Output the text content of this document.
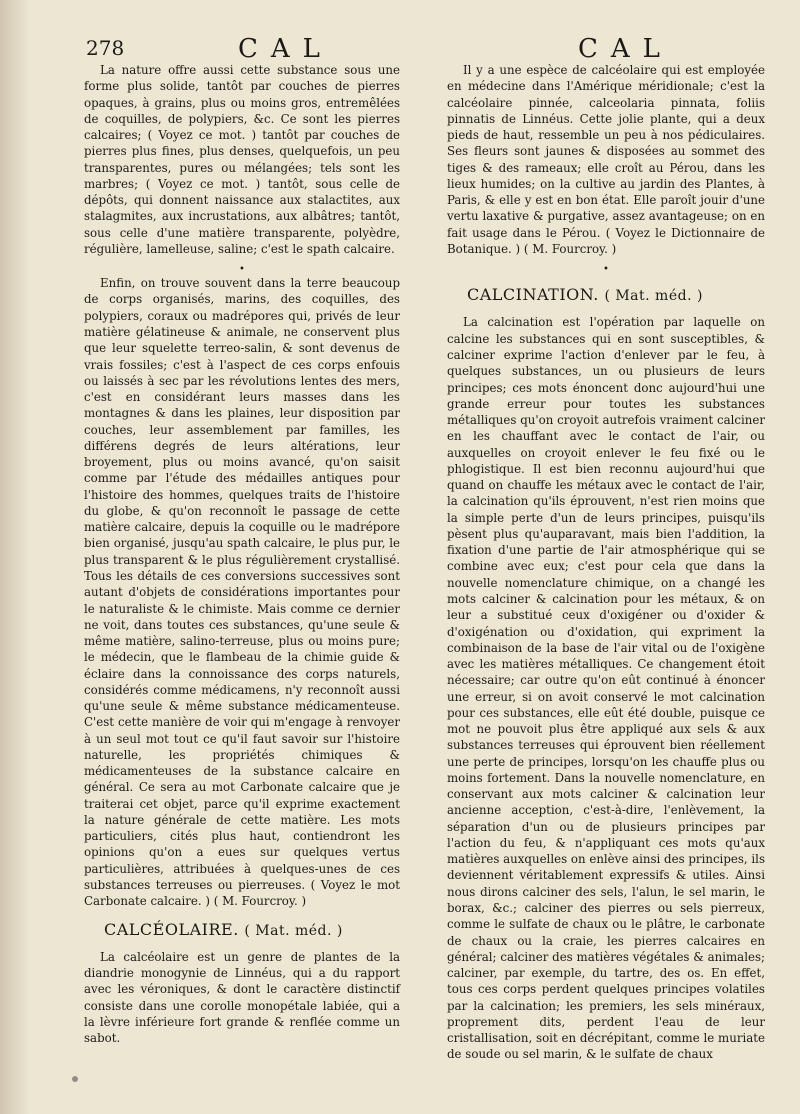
278	CAL	CAL

La nature offre aussi cette substance sous une forme plus solide, tantôt par couches de pierres opaques, à grains, plus ou moins gros, entremêlées de coquilles, de polypiers, &c. Ce sont les pierres calcaires; ( Voyez ce mot. ) tantôt par couches de pierres plus fines, plus denses, quelquefois, un peu transparentes, pures ou mélangées; tels sont les marbres; ( Voyez ce mot. ) tantôt, sous celle de dépôts, qui donnent naissance aux stalactites, aux stalagmites, aux incrustations, aux albâtres; tantôt, sous celle d'une matière transparente, polyèdre, régulière, lamelleuse, saline; c'est le spath calcaire.

•

Enfin, on trouve souvent dans la terre beaucoup de corps organisés, marins, des coquilles, des polypiers, coraux ou madrépores qui, privés de leur matière gélatineuse & animale, ne conservent plus que leur squelette terreo-salin, & sont devenus de vrais fossiles; c'est à l'aspect de ces corps enfouis ou laissés à sec par les révolutions lentes des mers, c'est en considérant leurs masses dans les montagnes & dans les plaines, leur disposition par couches, leur assemblement par familles, les différens degrés de leurs altérations, leur broyement, plus ou moins avancé, qu'on saisit comme par l'étude des médailles antiques pour l'histoire des hommes, quelques traits de l'histoire du globe, & qu'on reconnoît le passage de cette matière calcaire, depuis la coquille ou le madrépore bien organisé, jusqu'au spath calcaire, le plus pur, le plus transparent & le plus régulièrement crystallisé. Tous les détails de ces conversions successives sont autant d'objets de considérations importantes pour le naturaliste & le chimiste. Mais comme ce dernier ne voit, dans toutes ces substances, qu'une seule & même matière, salino-terreuse, plus ou moins pure; le médecin, que le flambeau de la chimie guide & éclaire dans la connoissance des corps naturels, considérés comme médicamens, n'y reconnoît aussi qu'une seule & même substance médicamenteuse. C'est cette manière de voir qui m'engage à renvoyer à un seul mot tout ce qu'il faut savoir sur l'histoire naturelle, les propriétés chimiques & médicamenteuses de la substance calcaire en général. Ce sera au mot Carbonate calcaire que je traiterai cet objet, parce qu'il exprime exactement la nature générale de cette matière. Les mots particuliers, cités plus haut, contiendront les opinions qu'on a eues sur quelques vertus particulières, attribuées à quelques-unes de ces substances terreuses ou pierreuses. ( Voyez le mot Carbonate calcaire. ) ( M. Fourcroy. )

CALCÉOLAIRE. ( Mat. méd. )

La calcéolaire est un genre de plantes de la diandrie monogynie de Linnéus, qui a du rapport avec les véroniques, & dont le caractère distinctif consiste dans une corolle monopétale labiée, qui a la lèvre inférieure fort grande & renflée comme un sabot.

Il y a une espèce de calcéolaire qui est employée en médecine dans l'Amérique méridionale; c'est la calcéolaire pinnée, calceolaria pinnata, foliis pinnatis de Linnéus. Cette jolie plante, qui a deux pieds de haut, ressemble un peu à nos pédiculaires. Ses fleurs sont jaunes & disposées au sommet des tiges & des rameaux; elle croît au Pérou, dans les lieux humides; on la cultive au jardin des Plantes, à Paris, & elle y est en bon état. Elle paroît jouir d'une vertu laxative & purgative, assez avantageuse; on en fait usage dans le Pérou. ( Voyez le Dictionnaire de Botanique. ) ( M. Fourcroy. )

•
CALCINATION. ( Mat. méd. )

La calcination est l'opération par laquelle on calcine les substances qui en sont susceptibles, & calciner exprime l'action d'enlever par le feu, à quelques substances, un ou plusieurs de leurs principes; ces mots énoncent donc aujourd'hui une grande erreur pour toutes les substances métalliques qu'on croyoit autrefois vraiment calciner en les chauffant avec le contact de l'air, ou auxquelles on croyoit enlever le feu fixé ou le phlogistique. Il est bien reconnu aujourd'hui que quand on chauffe les métaux avec le contact de l'air, la calcination qu'ils éprouvent, n'est rien moins que la simple perte d'un de leurs principes, puisqu'ils pèsent plus qu'auparavant, mais bien l'addition, la fixation d'une partie de l'air atmosphérique qui se combine avec eux; c'est pour cela que dans la nouvelle nomenclature chimique, on a changé les mots calciner & calcination pour les métaux, & on leur a substitué ceux d'oxigéner ou d'oxider & d'oxigénation ou d'oxidation, qui expriment la combinaison de la base de l'air vital ou de l'oxigène avec les matières métalliques. Ce changement étoit nécessaire; car outre qu'on eût continué à énoncer une erreur, si on avoit conservé le mot calcination pour ces substances, elle eût été double, puisque ce mot ne pouvoit plus être appliqué aux sels & aux substances terreuses qui éprouvent bien réellement une perte de principes, lorsqu'on les chauffe plus ou moins fortement. Dans la nouvelle nomenclature, en conservant aux mots calciner & calcination leur ancienne acception, c'est-à-dire, l'enlèvement, la séparation d'un ou de plusieurs principes par l'action du feu, & n'appliquant ces mots qu'aux matières auxquelles on enlève ainsi des principes, ils deviennent véritablement expressifs & utiles. Ainsi nous dirons calciner des sels, l'alun, le sel marin, le borax, &c.; calciner des pierres ou sels pierreux, comme le sulfate de chaux ou le plâtre, le carbonate de chaux ou la craie, les pierres calcaires en général; calciner des matières végétales & animales; calciner, par exemple, du tartre, des os. En effet, tous ces corps perdent quelques principes volatiles par la calcination; les premiers, les sels minéraux, proprement dits, perdent l'eau de leur cristallisation, soit en décrépitant, comme le muriate de soude ou sel marin, & le sulfate de chaux
